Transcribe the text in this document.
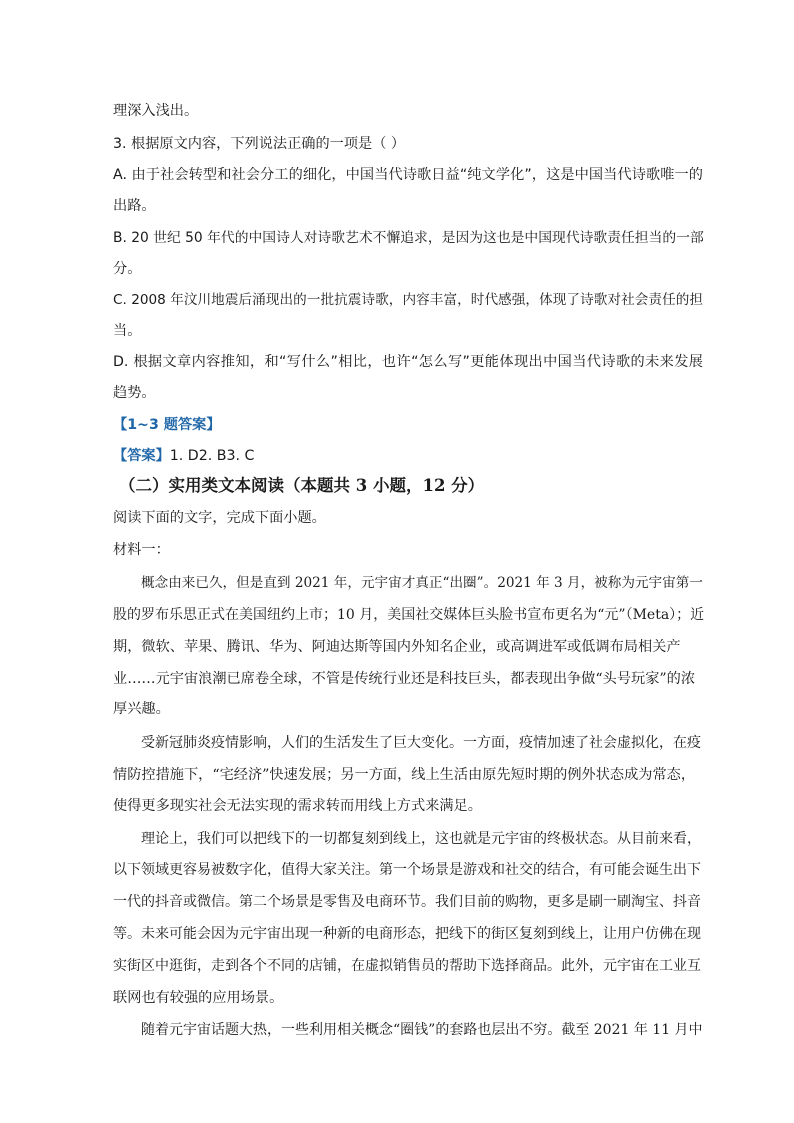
理深入浅出。
3. 根据原文内容，下列说法正确的一项是（ ）
A. 由于社会转型和社会分工的细化，中国当代诗歌日益“纯文学化”，这是中国当代诗歌唯一的
出路。
B. 20 世纪 50 年代的中国诗人对诗歌艺术不懈追求，是因为这也是中国现代诗歌责任担当的一部
分。
C. 2008 年汶川地震后涌现出的一批抗震诗歌，内容丰富，时代感强，体现了诗歌对社会责任的担
当。
D. 根据文章内容推知，和“写什么”相比，也许“怎么写”更能体现出中国当代诗歌的未来发展
趋势。
【1~3 题答案】
【答案】1. D2. B3. C
（二）实用类文本阅读（本题共 3 小题，12 分）
阅读下面的文字，完成下面小题。
材料一：
概念由来已久，但是直到 2021 年，元宇宙才真正“出圈”。2021 年 3 月，被称为元宇宙第一
股的罗布乐思正式在美国纽约上市；10 月，美国社交媒体巨头脸书宣布更名为“元”（Meta）；近
期，微软、苹果、腾讯、华为、阿迪达斯等国内外知名企业，或高调进军或低调布局相关产
业……元宇宙浪潮已席卷全球，不管是传统行业还是科技巨头，都表现出争做“头号玩家”的浓
厚兴趣。
受新冠肺炎疫情影响，人们的生活发生了巨大变化。一方面，疫情加速了社会虚拟化，在疫
情防控措施下，“宅经济”快速发展；另一方面，线上生活由原先短时期的例外状态成为常态，
使得更多现实社会无法实现的需求转而用线上方式来满足。
理论上，我们可以把线下的一切都复刻到线上，这也就是元宇宙的终极状态。从目前来看，
以下领域更容易被数字化，值得大家关注。第一个场景是游戏和社交的结合，有可能会诞生出下
一代的抖音或微信。第二个场景是零售及电商环节。我们目前的购物，更多是刷一刷淘宝、抖音
等。未来可能会因为元宇宙出现一种新的电商形态，把线下的街区复刻到线上，让用户仿佛在现
实街区中逛街，走到各个不同的店铺，在虚拟销售员的帮助下选择商品。此外，元宇宙在工业互
联网也有较强的应用场景。
随着元宇宙话题大热，一些利用相关概念“圈钱”的套路也层出不穷。截至 2021 年 11 月中
